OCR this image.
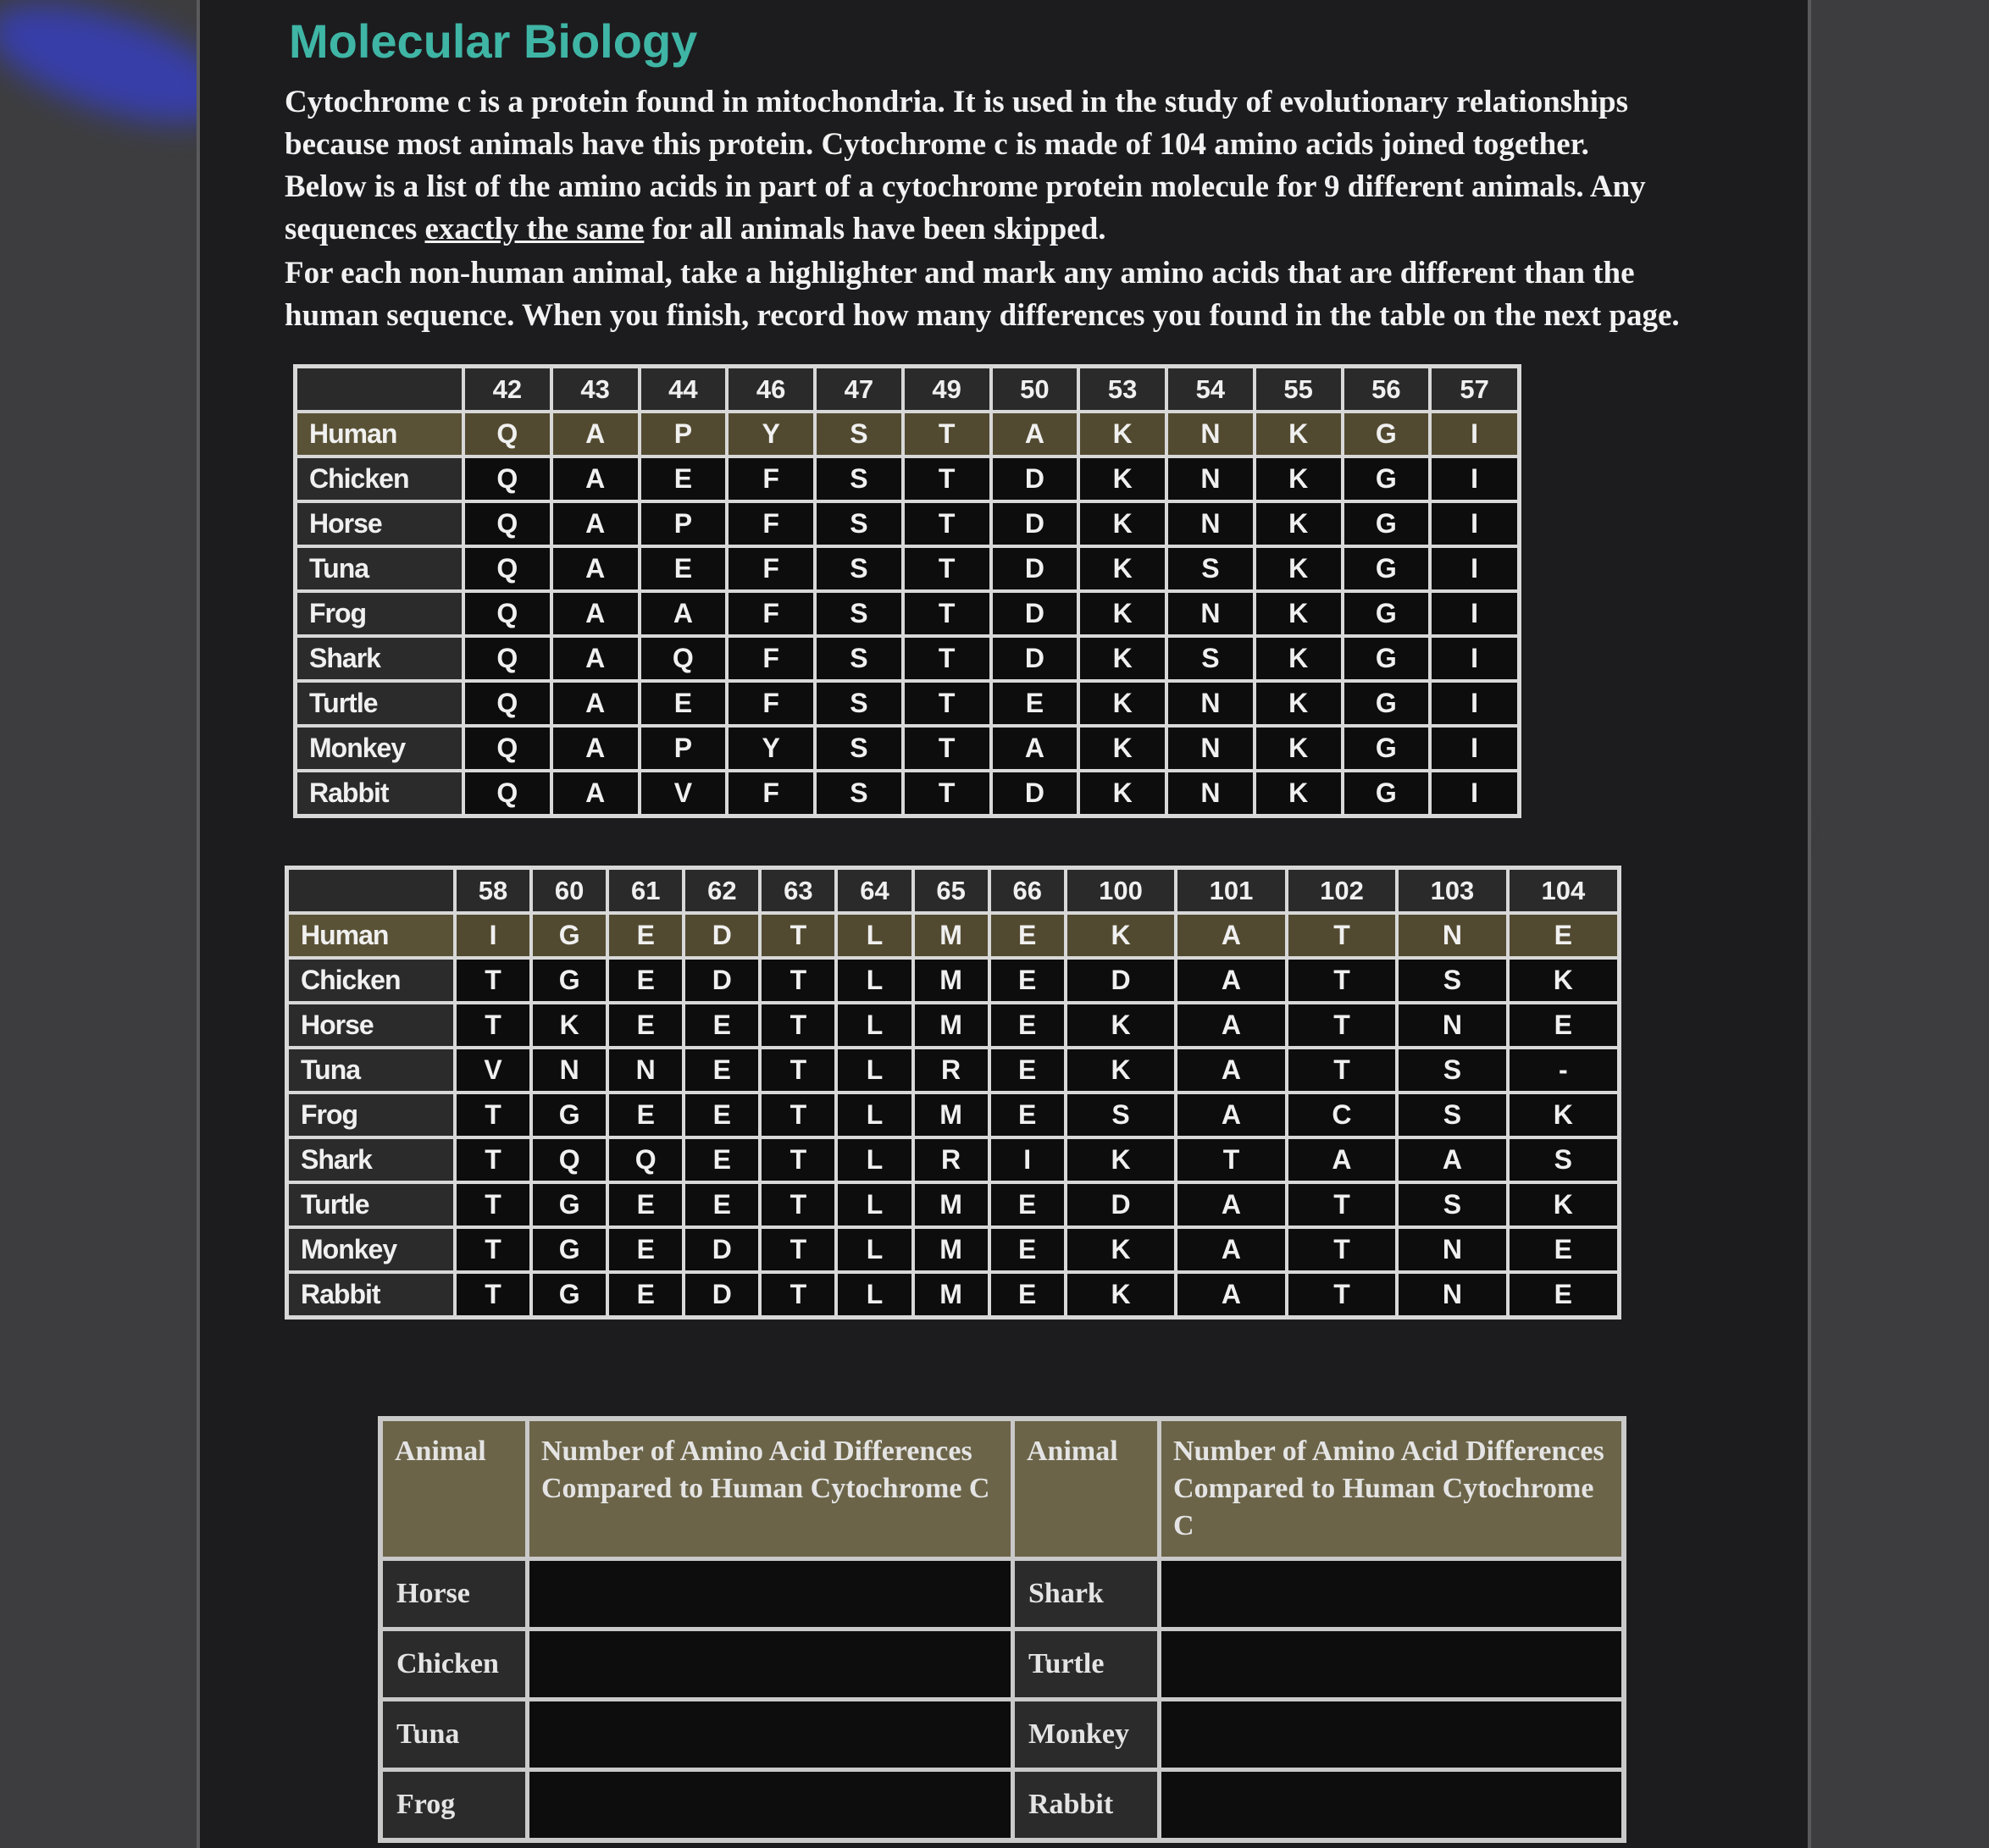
Molecular Biology

Cytochrome c is a protein found in mitochondria. It is used in the study of evolutionary relationships because most animals have this protein. Cytochrome c is made of 104 amino acids joined together.

Below is a list of the amino acids in part of a cytochrome protein molecule for 9 different animals. Any sequences exactly the same for all animals have been skipped.

For each non-human animal, take a highlighter and mark any amino acids that are different than the human sequence. When you finish, record how many differences you found in the table on the next page.
	42	43	44	46	47	49	50	53	54	55	56	57
Human	Q	A	P	Y	S	T	A	K	N	K	G	I
Chicken	Q	A	E	F	S	T	D	K	N	K	G	I
Horse	Q	A	P	F	S	T	D	K	N	K	G	I
Tuna	Q	A	E	F	S	T	D	K	S	K	G	I
Frog	Q	A	A	F	S	T	D	K	N	K	G	I
Shark	Q	A	Q	F	S	T	D	K	S	K	G	I
Turtle	Q	A	E	F	S	T	E	K	N	K	G	I
Monkey	Q	A	P	Y	S	T	A	K	N	K	G	I
Rabbit	Q	A	V	F	S	T	D	K	N	K	G	I
	58	60	61	62	63	64	65	66	100	101	102	103	104
Human	I	G	E	D	T	L	M	E	K	A	T	N	E
Chicken	T	G	E	D	T	L	M	E	D	A	T	S	K
Horse	T	K	E	E	T	L	M	E	K	A	T	N	E
Tuna	V	N	N	E	T	L	R	E	K	A	T	S	-
Frog	T	G	E	E	T	L	M	E	S	A	C	S	K
Shark	T	Q	Q	E	T	L	R	I	K	T	A	A	S
Turtle	T	G	E	E	T	L	M	E	D	A	T	S	K
Monkey	T	G	E	D	T	L	M	E	K	A	T	N	E
Rabbit	T	G	E	D	T	L	M	E	K	A	T	N	E
Animal	Number of Amino Acid Differences Compared to Human Cytochrome C	Animal	Number of Amino Acid Differences Compared to Human Cytochrome C
Horse		Shark	
Chicken		Turtle	
Tuna		Monkey	
Frog		Rabbit	
